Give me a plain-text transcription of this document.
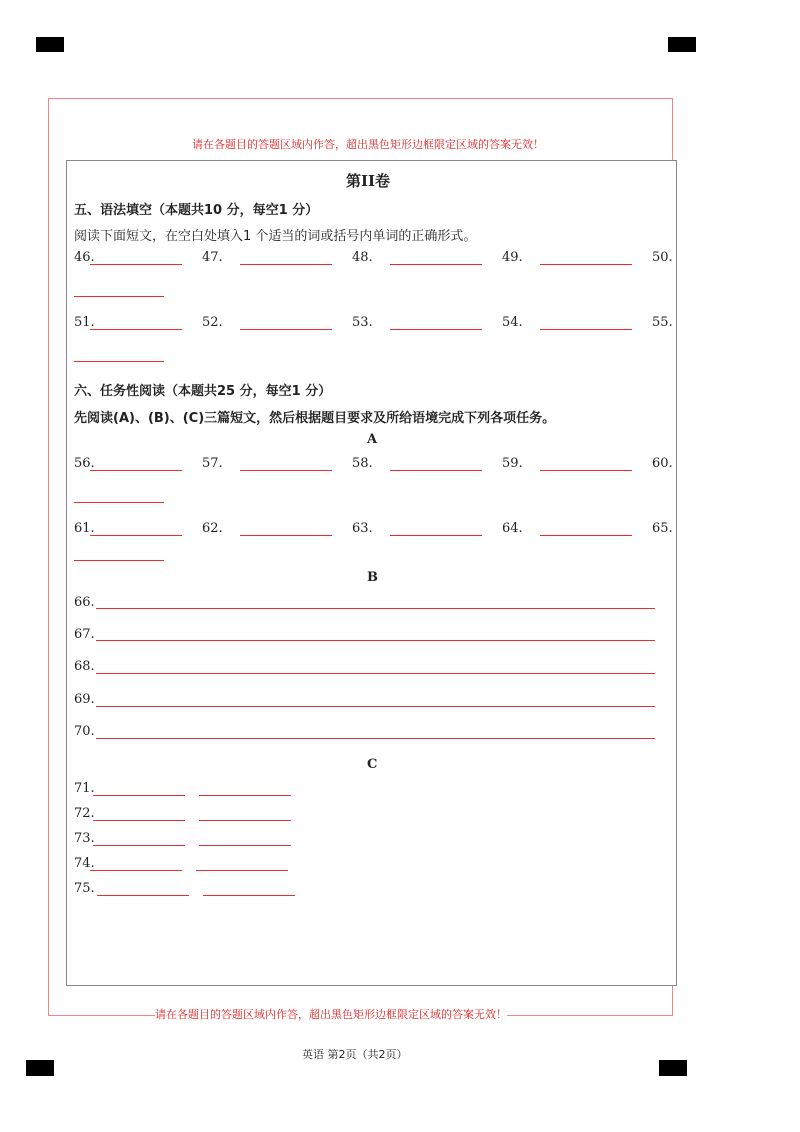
请在各题目的答题区域内作答，超出黑色矩形边框限定区域的答案无效！
请在各题目的答题区域内作答，超出黑色矩形边框限定区域的答案无效！
第II卷
五、语法填空（本题共10 分，每空1 分）
阅读下面短文，在空白处填入1 个适当的词或括号内单词的正确形式。
46.	47.	48.	49.	50.
51.	52.	53.	54.	55.
六、任务性阅读（本题共25 分，每空1 分）
先阅读(A)、(B)、(C)三篇短文，然后根据题目要求及所给语境完成下列各项任务。
A
56.	57.	58.	59.	60.
61.	62.	63.	64.	65.
B
66.
67.
68.
69.
70.
C
71.
72.
73.
74.
75.
英语 第2页（共2页）
